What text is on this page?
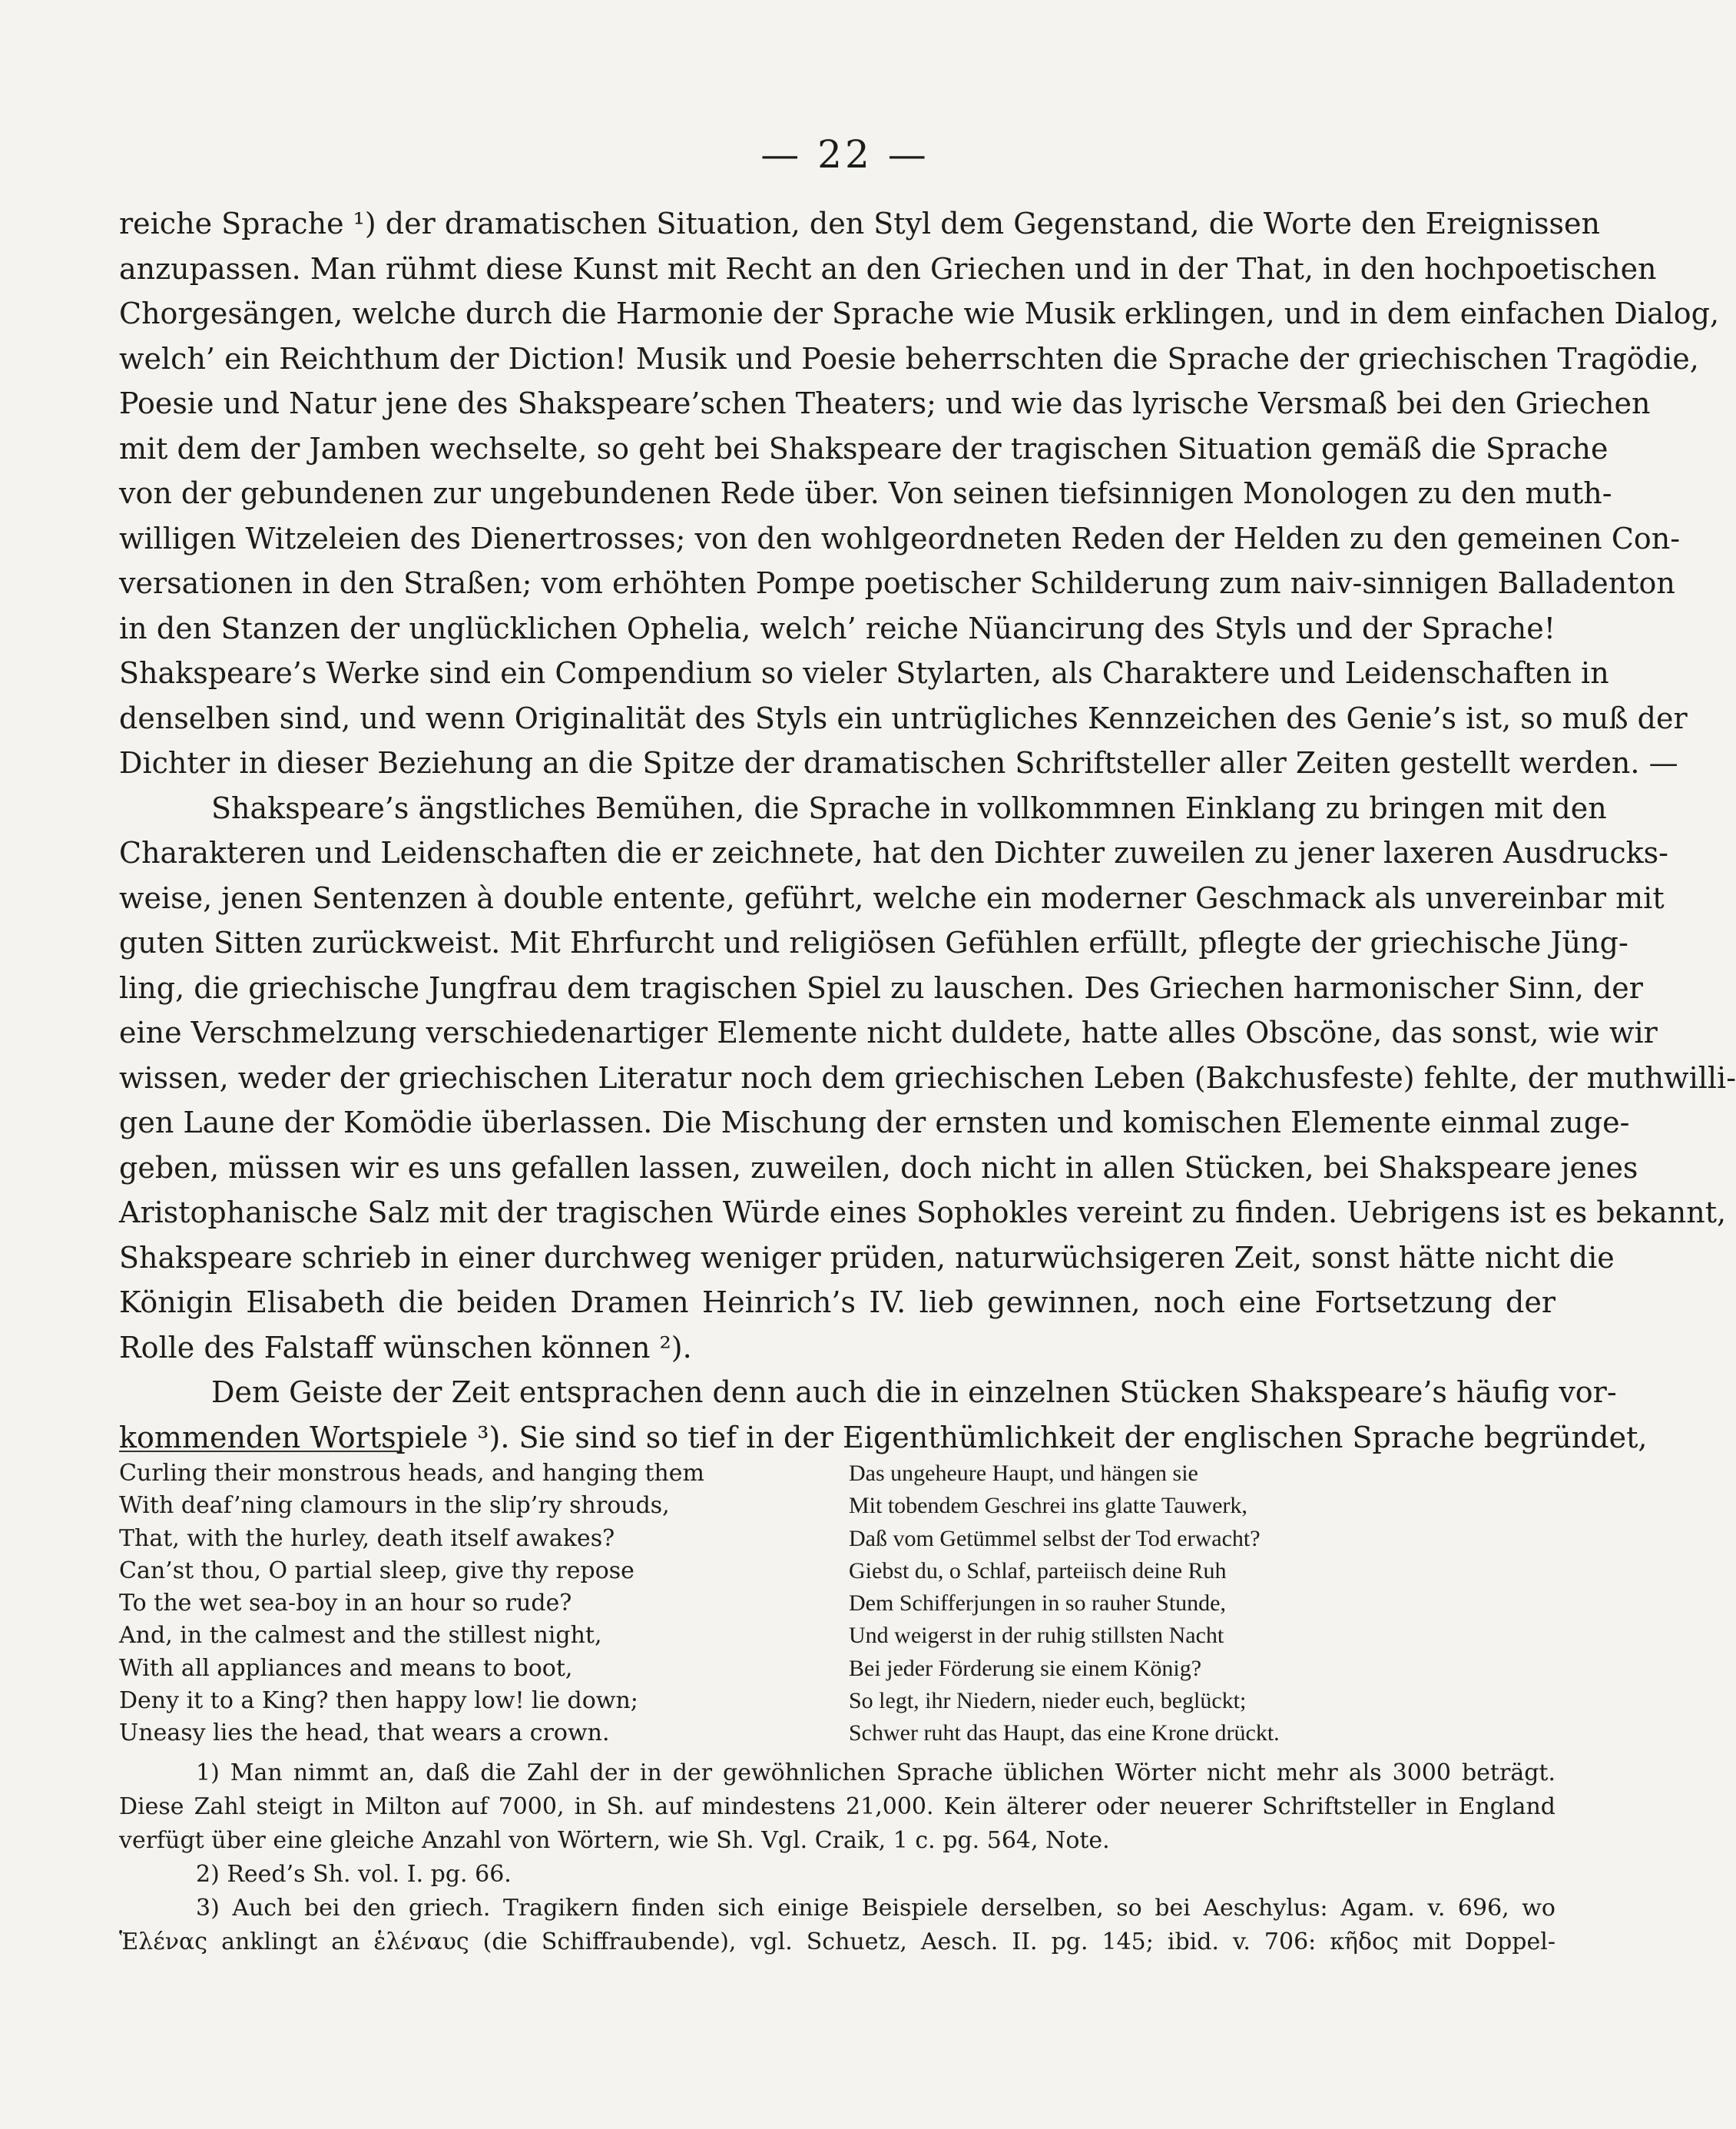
— 22 —
reiche Sprache ¹) der dramatischen Situation, den Styl dem Gegenstand, die Worte den Ereignissen
anzupassen. Man rühmt diese Kunst mit Recht an den Griechen und in der That, in den hochpoetischen
Chorgesängen, welche durch die Harmonie der Sprache wie Musik erklingen, und in dem einfachen Dialog,
welch’ ein Reichthum der Diction! Musik und Poesie beherrschten die Sprache der griechischen Tragödie,
Poesie und Natur jene des Shakspeare’schen Theaters; und wie das lyrische Versmaß bei den Griechen
mit dem der Jamben wechselte, so geht bei Shakspeare der tragischen Situation gemäß die Sprache
von der gebundenen zur ungebundenen Rede über. Von seinen tiefsinnigen Monologen zu den muth-
willigen Witzeleien des Dienertrosses; von den wohlgeordneten Reden der Helden zu den gemeinen Con-
versationen in den Straßen; vom erhöhten Pompe poetischer Schilderung zum naiv-sinnigen Balladenton
in den Stanzen der unglücklichen Ophelia, welch’ reiche Nüancirung des Styls und der Sprache!
Shakspeare’s Werke sind ein Compendium so vieler Stylarten, als Charaktere und Leidenschaften in
denselben sind, und wenn Originalität des Styls ein untrügliches Kennzeichen des Genie’s ist, so muß der
Dichter in dieser Beziehung an die Spitze der dramatischen Schriftsteller aller Zeiten gestellt werden. —
Shakspeare’s ängstliches Bemühen, die Sprache in vollkommnen Einklang zu bringen mit den
Charakteren und Leidenschaften die er zeichnete, hat den Dichter zuweilen zu jener laxeren Ausdrucks-
weise, jenen Sentenzen à double entente, geführt, welche ein moderner Geschmack als unvereinbar mit
guten Sitten zurückweist. Mit Ehrfurcht und religiösen Gefühlen erfüllt, pflegte der griechische Jüng-
ling, die griechische Jungfrau dem tragischen Spiel zu lauschen. Des Griechen harmonischer Sinn, der
eine Verschmelzung verschiedenartiger Elemente nicht duldete, hatte alles Obscöne, das sonst, wie wir
wissen, weder der griechischen Literatur noch dem griechischen Leben (Bakchusfeste) fehlte, der muthwilli-
gen Laune der Komödie überlassen. Die Mischung der ernsten und komischen Elemente einmal zuge-
geben, müssen wir es uns gefallen lassen, zuweilen, doch nicht in allen Stücken, bei Shakspeare jenes
Aristophanische Salz mit der tragischen Würde eines Sophokles vereint zu finden. Uebrigens ist es bekannt,
Shakspeare schrieb in einer durchweg weniger prüden, naturwüchsigeren Zeit, sonst hätte nicht die
Königin Elisabeth die beiden Dramen Heinrich’s IV. lieb gewinnen, noch eine Fortsetzung der
Rolle des Falstaff wünschen können ²).
Dem Geiste der Zeit entsprachen denn auch die in einzelnen Stücken Shakspeare’s häufig vor-
kommenden Wortspiele ³). Sie sind so tief in der Eigenthümlichkeit der englischen Sprache begründet,
Curling their monstrous heads, and hanging them
With deaf’ning clamours in the slip’ry shrouds,
That, with the hurley, death itself awakes?
Can’st thou, O partial sleep, give thy repose
To the wet sea-boy in an hour so rude?
And, in the calmest and the stillest night,
With all appliances and means to boot,
Deny it to a King? then happy low! lie down;
Uneasy lies the head, that wears a crown.
Das ungeheure Haupt, und hängen sie
Mit tobendem Geschrei ins glatte Tauwerk,
Daß vom Getümmel selbst der Tod erwacht?
Giebst du, o Schlaf, parteiisch deine Ruh
Dem Schifferjungen in so rauher Stunde,
Und weigerst in der ruhig stillsten Nacht
Bei jeder Förderung sie einem König?
So legt, ihr Niedern, nieder euch, beglückt;
Schwer ruht das Haupt, das eine Krone drückt.
1) Man nimmt an, daß die Zahl der in der gewöhnlichen Sprache üblichen Wörter nicht mehr als 3000 beträgt.
Diese Zahl steigt in Milton auf 7000, in Sh. auf mindestens 21,000. Kein älterer oder neuerer Schriftsteller in England
verfügt über eine gleiche Anzahl von Wörtern, wie Sh. Vgl. Craik, 1 c. pg. 564, Note.
2) Reed’s Sh. vol. I. pg. 66.
3) Auch bei den griech. Tragikern finden sich einige Beispiele derselben, so bei Aeschylus: Agam. v. 696, wo
Ἑλένας anklingt an ἑλέναυς (die Schiffraubende), vgl. Schuetz, Aesch. II. pg. 145; ibid. v. 706: κῆδος mit Doppel-
